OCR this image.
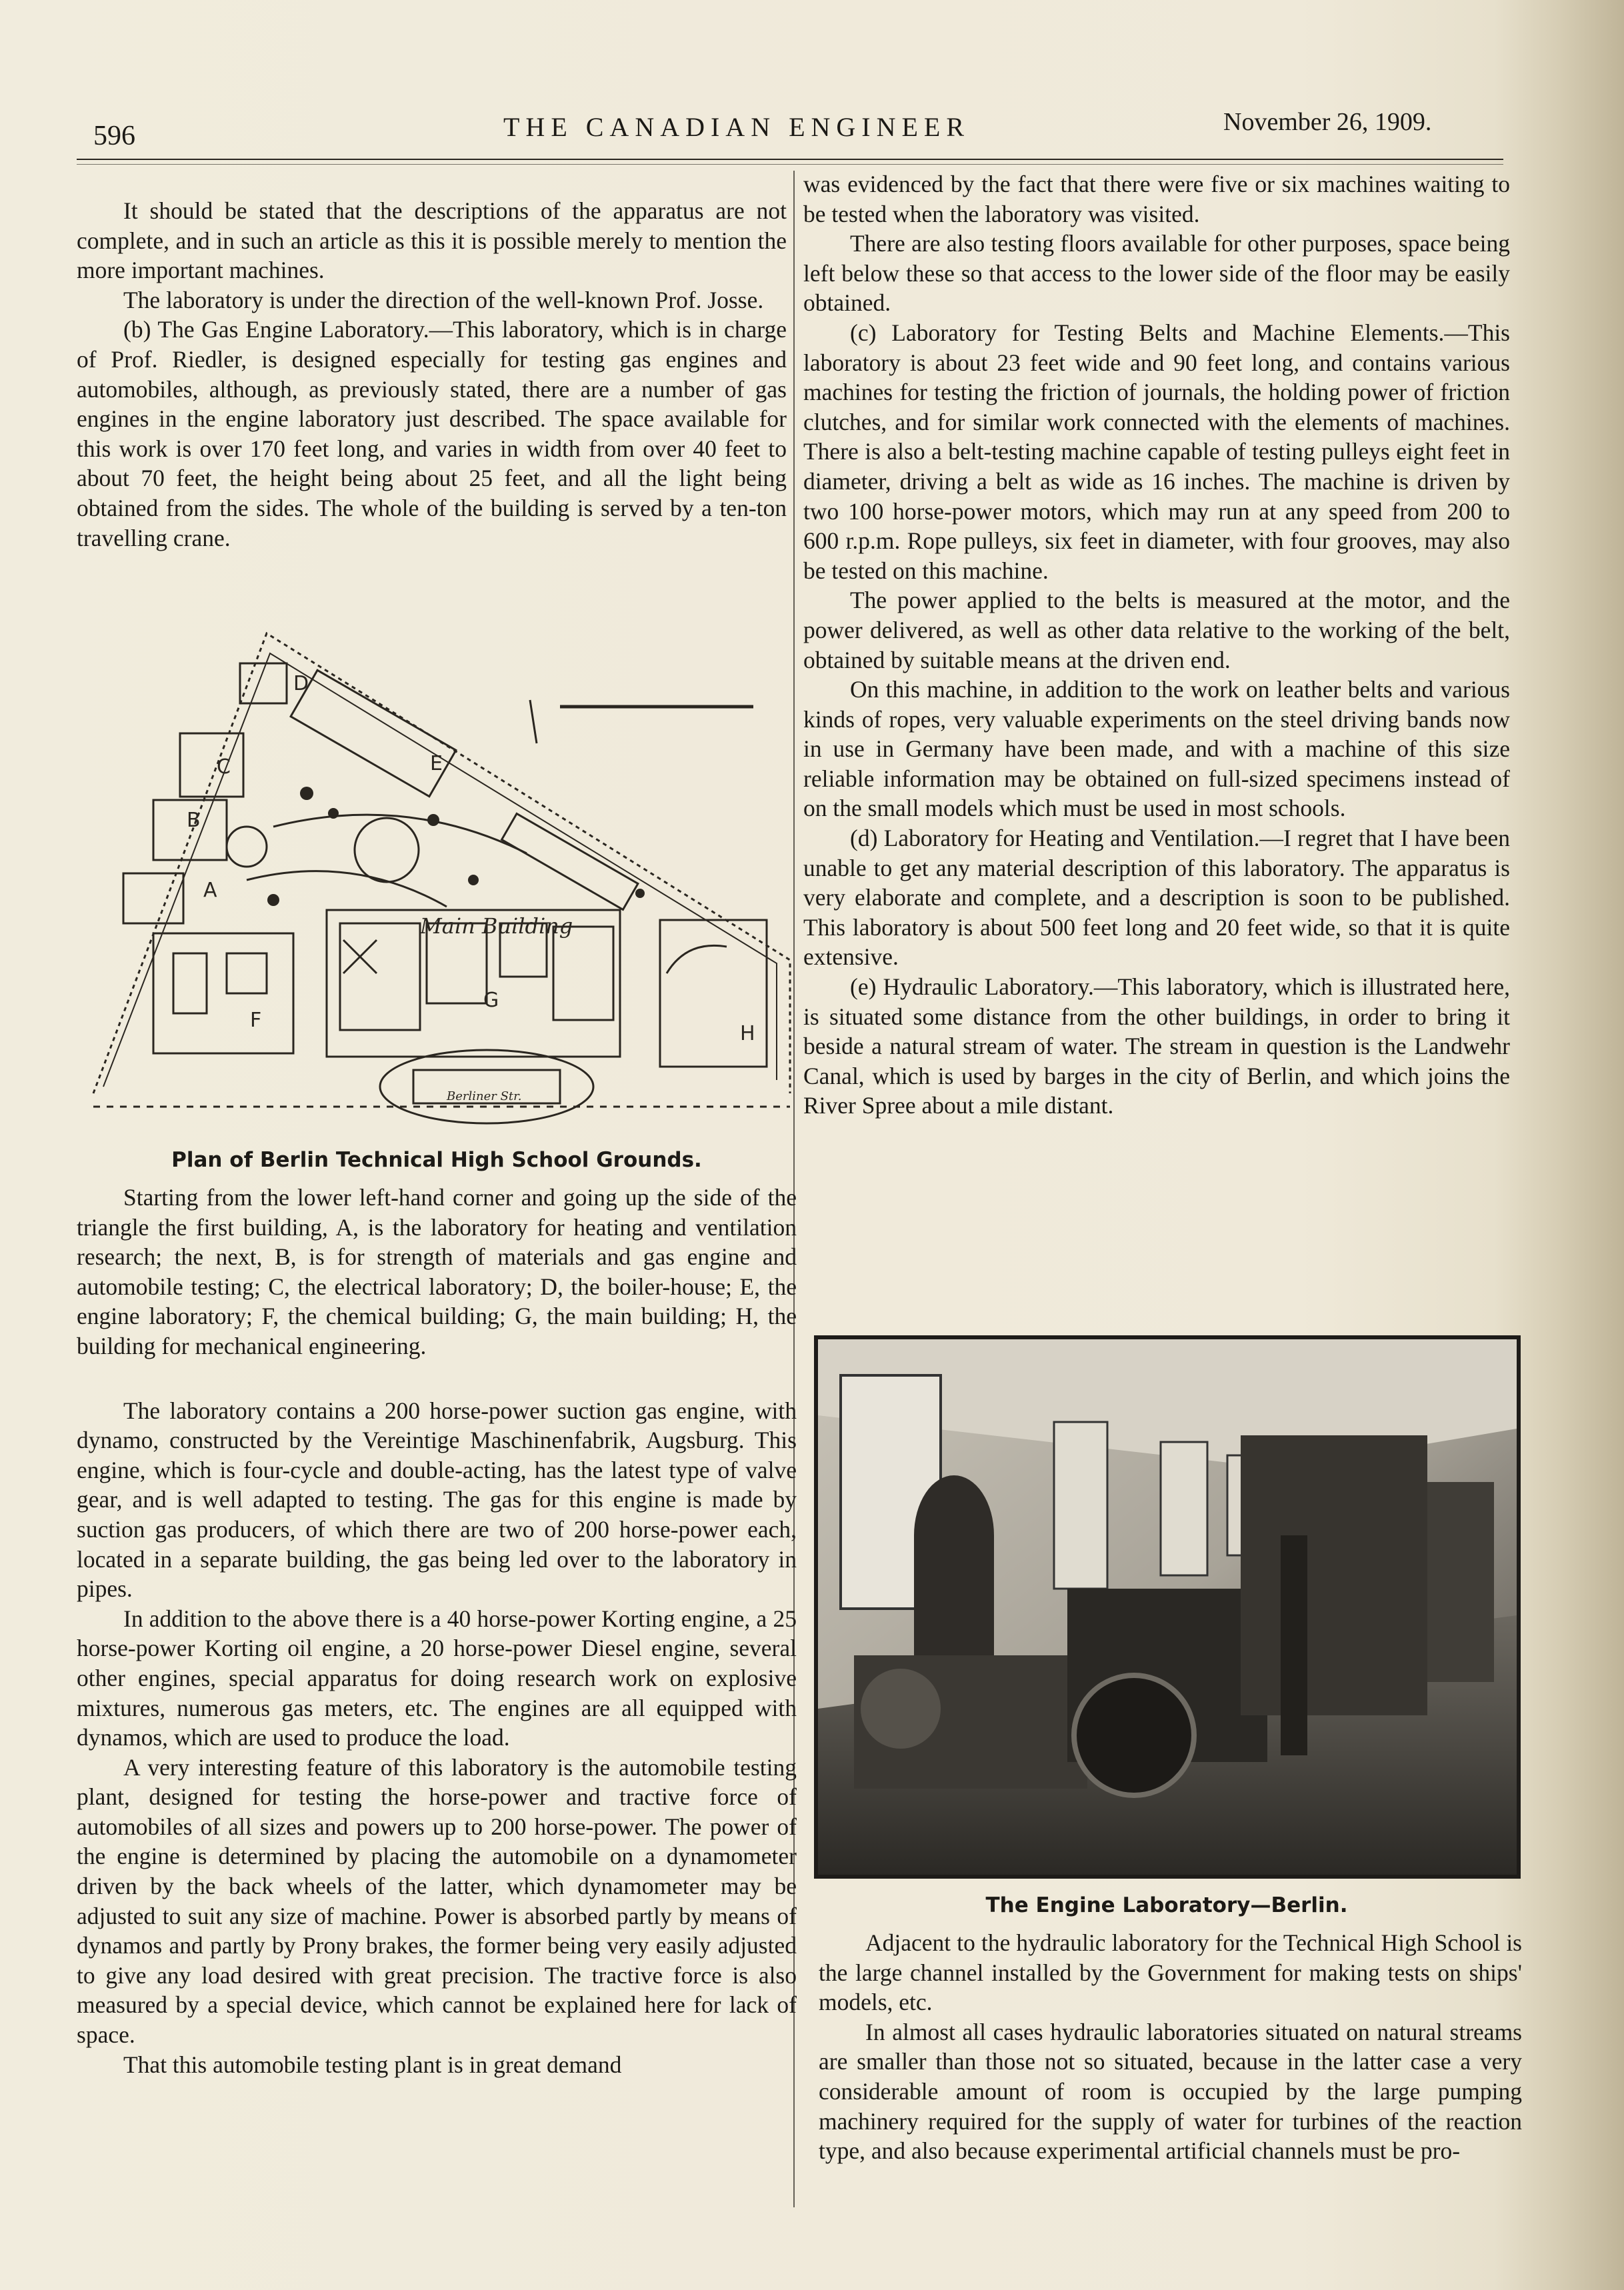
596	THE CANADIAN ENGINEER	November 26, 1909.

It should be stated that the descriptions of the apparatus are not complete, and in such an article as this it is possible merely to mention the more important machines.

The laboratory is under the direction of the well-known Prof. Josse.

(b) The Gas Engine Laboratory.—This laboratory, which is in charge of Prof. Riedler, is designed especially for testing gas engines and automobiles, although, as previously stated, there are a number of gas engines in the engine laboratory just described. The space available for this work is over 170 feet long, and varies in width from over 40 feet to about 70 feet, the height being about 25 feet, and all the light being obtained from the sides. The whole of the building is served by a ten-ton travelling crane.

Main Building
Berliner Str.
A
B
C
D
E
F
G
H
Plan of Berlin Technical High School Grounds.

Starting from the lower left-hand corner and going up the side of the triangle the first building, A, is the laboratory for heating and ventilation research; the next, B, is for strength of materials and gas engine and automobile testing; C, the electrical laboratory; D, the boiler-house; E, the engine laboratory; F, the chemical building; G, the main building; H, the building for mechanical engineering.

The laboratory contains a 200 horse-power suction gas engine, with dynamo, constructed by the Vereintige Maschinenfabrik, Augsburg. This engine, which is four-cycle and double-acting, has the latest type of valve gear, and is well adapted to testing. The gas for this engine is made by suction gas producers, of which there are two of 200 horse-power each, located in a separate building, the gas being led over to the laboratory in pipes.

In addition to the above there is a 40 horse-power Korting engine, a 25 horse-power Korting oil engine, a 20 horse-power Diesel engine, several other engines, special apparatus for doing research work on explosive mixtures, numerous gas meters, etc. The engines are all equipped with dynamos, which are used to produce the load.

A very interesting feature of this laboratory is the automobile testing plant, designed for testing the horse-power and tractive force of automobiles of all sizes and powers up to 200 horse-power. The power of the engine is determined by placing the automobile on a dynamometer driven by the back wheels of the latter, which dynamometer may be adjusted to suit any size of machine. Power is absorbed partly by means of dynamos and partly by Prony brakes, the former being very easily adjusted to give any load desired with great precision. The tractive force is also measured by a special device, which cannot be explained here for lack of space.

That this automobile testing plant is in great demand

was evidenced by the fact that there were five or six machines waiting to be tested when the laboratory was visited.

There are also testing floors available for other purposes, space being left below these so that access to the lower side of the floor may be easily obtained.

(c) Laboratory for Testing Belts and Machine Elements.—This laboratory is about 23 feet wide and 90 feet long, and contains various machines for testing the friction of journals, the holding power of friction clutches, and for similar work connected with the elements of machines. There is also a belt-testing machine capable of testing pulleys eight feet in diameter, driving a belt as wide as 16 inches. The machine is driven by two 100 horse-power motors, which may run at any speed from 200 to 600 r.p.m. Rope pulleys, six feet in diameter, with four grooves, may also be tested on this machine.

The power applied to the belts is measured at the motor, and the power delivered, as well as other data relative to the working of the belt, obtained by suitable means at the driven end.

On this machine, in addition to the work on leather belts and various kinds of ropes, very valuable experiments on the steel driving bands now in use in Germany have been made, and with a machine of this size reliable information may be obtained on full-sized specimens instead of on the small models which must be used in most schools.

(d) Laboratory for Heating and Ventilation.—I regret that I have been unable to get any material description of this laboratory. The apparatus is very elaborate and complete, and a description is soon to be published. This laboratory is about 500 feet long and 20 feet wide, so that it is quite extensive.

(e) Hydraulic Laboratory.—This laboratory, which is illustrated here, is situated some distance from the other buildings, in order to bring it beside a natural stream of water. The stream in question is the Landwehr Canal, which is used by barges in the city of Berlin, and which joins the River Spree about a mile distant.

The Engine Laboratory—Berlin.

Adjacent to the hydraulic laboratory for the Technical High School is the large channel installed by the Government for making tests on ships' models, etc.

In almost all cases hydraulic laboratories situated on natural streams are smaller than those not so situated, because in the latter case a very considerable amount of room is occupied by the large pumping machinery required for the supply of water for turbines of the reaction type, and also because experimental artificial channels must be pro-
